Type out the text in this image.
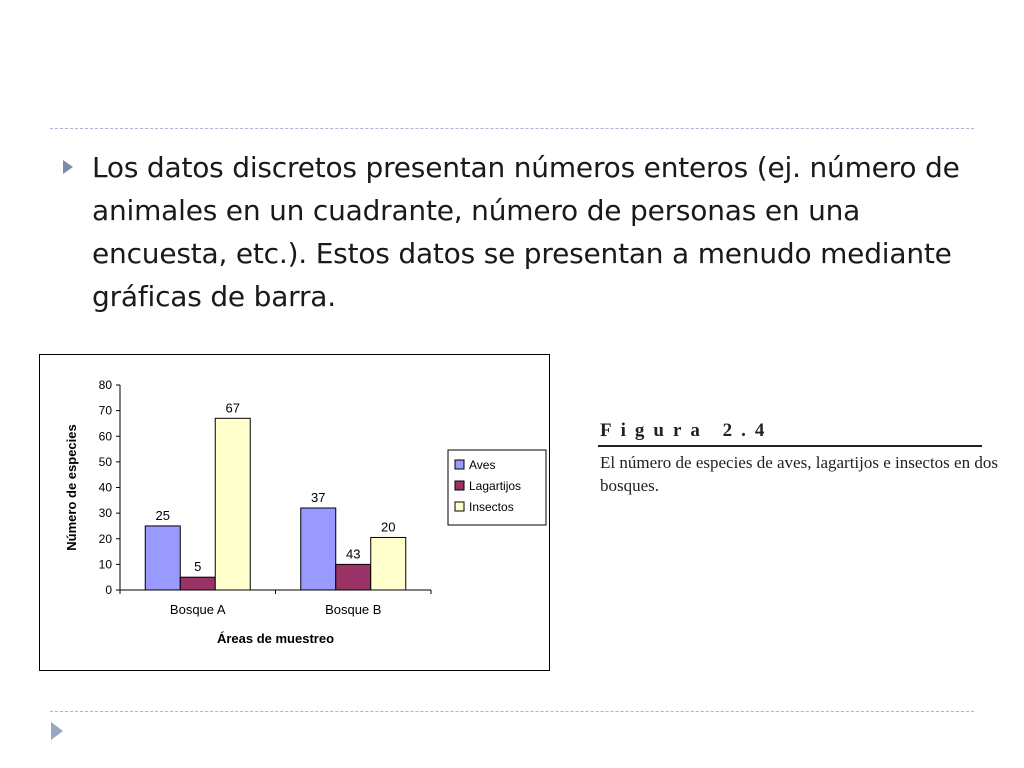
Los datos discretos presentan números enteros (ej. número de animales en un cuadrante, número de personas en una encuesta, etc.). Estos datos se presentan a menudo mediante gráficas de barra.
0
10
20
30
40
50
60
70
80
25
5
67
Bosque A
37
43
20
Bosque B
Áreas de muestreo
Número de especies	Aves
Lagartijos
Insectos
Figura 2.4
El número de especies de aves, lagartijos e insectos en dos bosques.
